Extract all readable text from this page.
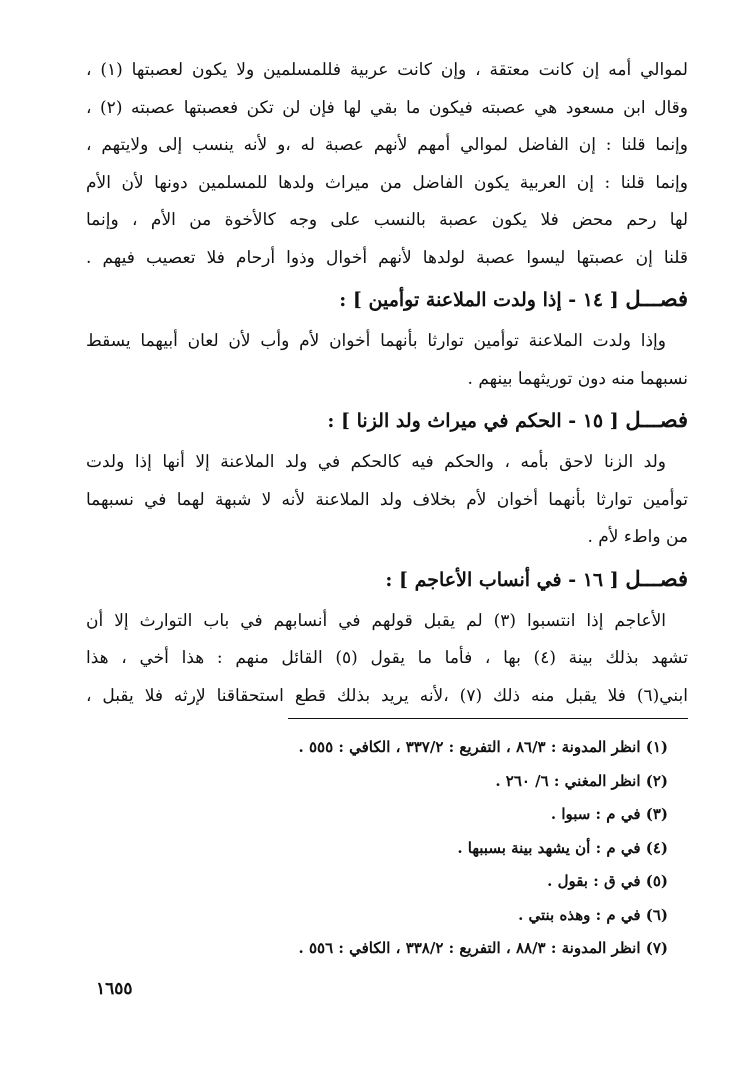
لموالي أمه إن كانت معتقة ، وإن كانت عربية فللمسلمين ولا يكون لعصبتها (١) ،
وقال ابن مسعود هي عصبته فيكون ما بقي لها فإن لن تكن فعصبتها عصبته (٢) ،
وإنما قلنا : إن الفاضل لموالي أمهم لأنهم عصبة له ،و لأنه ينسب إلى ولايتهم ،
وإنما قلنا : إن العربية يكون الفاضل من ميراث ولدها للمسلمين دونها لأن الأم
لها رحم محض فلا يكون عصبة بالنسب على وجه كالأخوة من الأم ، وإنما
قلنا إن عصبتها ليسوا عصبة لولدها لأنهم أخوال وذوا أرحام فلا تعصيب فيهم .
فصـــل [ ١٤ - إذا ولدت الملاعنة توأمين ] :
وإذا ولدت الملاعنة توأمين توارثا بأنهما أخوان لأم وأب لأن لعان أبيهما يسقط
نسبهما منه دون توريثهما بينهم .
فصـــل [ ١٥ - الحكم في ميراث ولد الزنا ] :
ولد الزنا لاحق بأمه ، والحكم فيه كالحكم في ولد الملاعنة إلا أنها إذا ولدت
توأمين توارثا بأنهما أخوان لأم بخلاف ولد الملاعنة لأنه لا شبهة لهما في نسبهما
من واطء لأم .
فصـــل [ ١٦ - في أنساب الأعاجم ] :
الأعاجم إذا انتسبوا (٣) لم يقبل قولهم في أنسابهم في باب التوارث إلا أن
تشهد بذلك بينة (٤) بها ، فأما ما يقول (٥) القائل منهم : هذا أخي ، هذا
ابني(٦) فلا يقبل منه ذلك (٧) ،لأنه يريد بذلك قطع استحقاقنا لإرثه فلا يقبل ،
(١) انظر المدونة : ٨٦/٣ ، التفريع : ٣٣٧/٢ ، الكافي : ٥٥٥ .
(٢) انظر المغني : ٦/ ٢٦٠ .
(٣) في م : سبوا .
(٤) في م : أن يشهد بينة بسببها .
(٥) في ق : بقول .
(٦) في م : وهذه بنتي .
(٧) انظر المدونة : ٨٨/٣ ، التفريع : ٣٣٨/٢ ، الكافي : ٥٥٦ .
١٦٥٥
